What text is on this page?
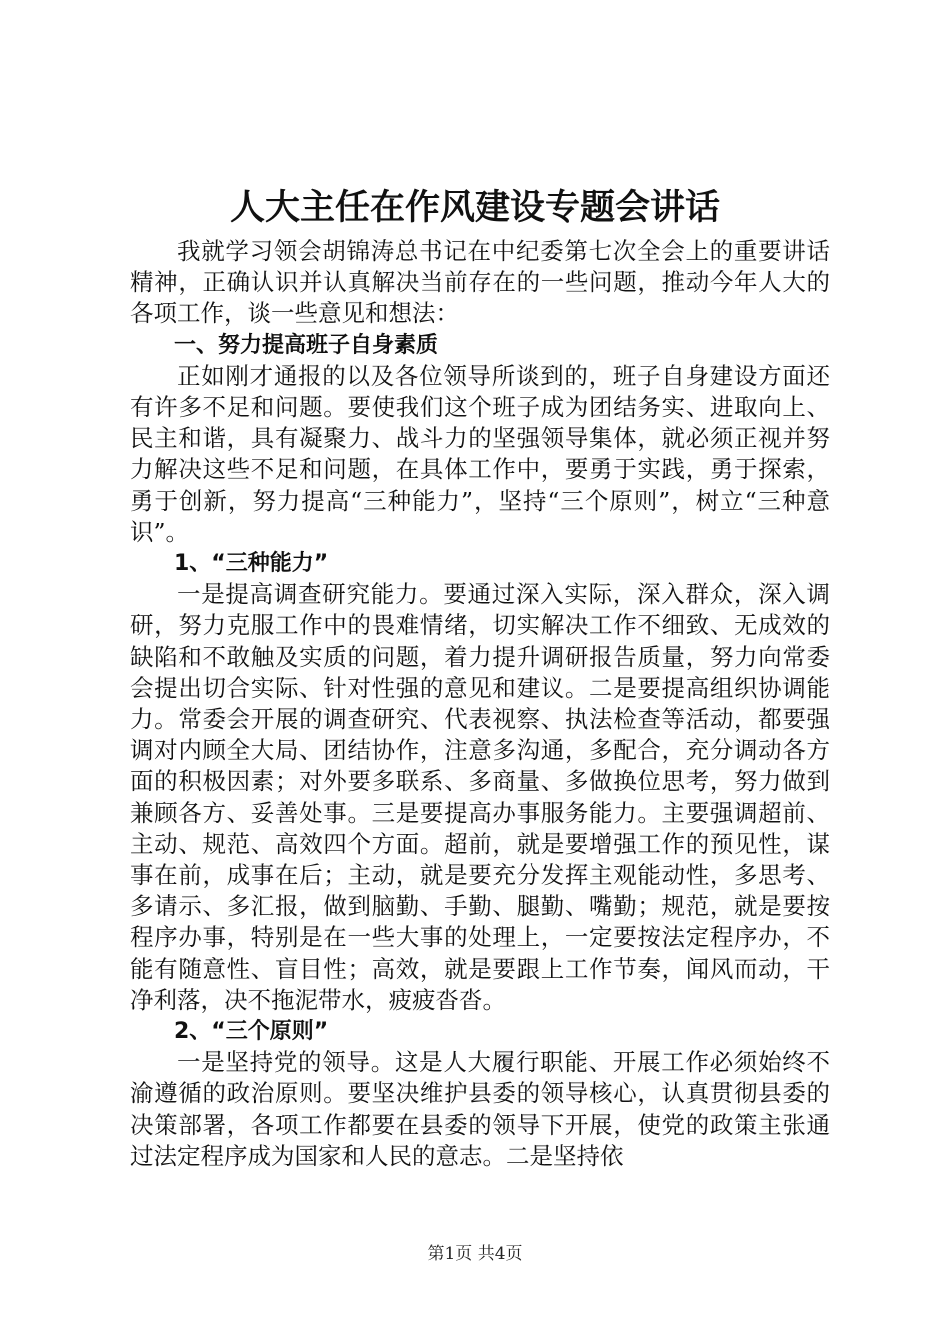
人大主任在作风建设专题会讲话

我就学习领会胡锦涛总书记在中纪委第七次全会上的重要讲话精神，正确认识并认真解决当前存在的一些问题，推动今年人大的各项工作，谈一些意见和想法：

一、努力提高班子自身素质

正如刚才通报的以及各位领导所谈到的，班子自身建设方面还有许多不足和问题。要使我们这个班子成为团结务实、进取向上、民主和谐，具有凝聚力、战斗力的坚强领导集体，就必须正视并努力解决这些不足和问题，在具体工作中，要勇于实践，勇于探索，勇于创新，努力提高“三种能力”，坚持“三个原则”，树立“三种意识”。

1、“三种能力”

一是提高调查研究能力。要通过深入实际，深入群众，深入调研，努力克服工作中的畏难情绪，切实解决工作不细致、无成效的缺陷和不敢触及实质的问题，着力提升调研报告质量，努力向常委会提出切合实际、针对性强的意见和建议。二是要提高组织协调能力。常委会开展的调查研究、代表视察、执法检查等活动，都要强调对内顾全大局、团结协作，注意多沟通，多配合，充分调动各方面的积极因素；对外要多联系、多商量、多做换位思考，努力做到兼顾各方、妥善处事。三是要提高办事服务能力。主要强调超前、主动、规范、高效四个方面。超前，就是要增强工作的预见性，谋事在前，成事在后；主动，就是要充分发挥主观能动性，多思考、多请示、多汇报，做到脑勤、手勤、腿勤、嘴勤；规范，就是要按程序办事，特别是在一些大事的处理上，一定要按法定程序办，不能有随意性、盲目性；高效，就是要跟上工作节奏，闻风而动，干净利落，决不拖泥带水，疲疲沓沓。

2、“三个原则”

一是坚持党的领导。这是人大履行职能、开展工作必须始终不渝遵循的政治原则。要坚决维护县委的领导核心，认真贯彻县委的决策部署，各项工作都要在县委的领导下开展，使党的政策主张通过法定程序成为国家和人民的意志。二是坚持依

第1页 共4页
